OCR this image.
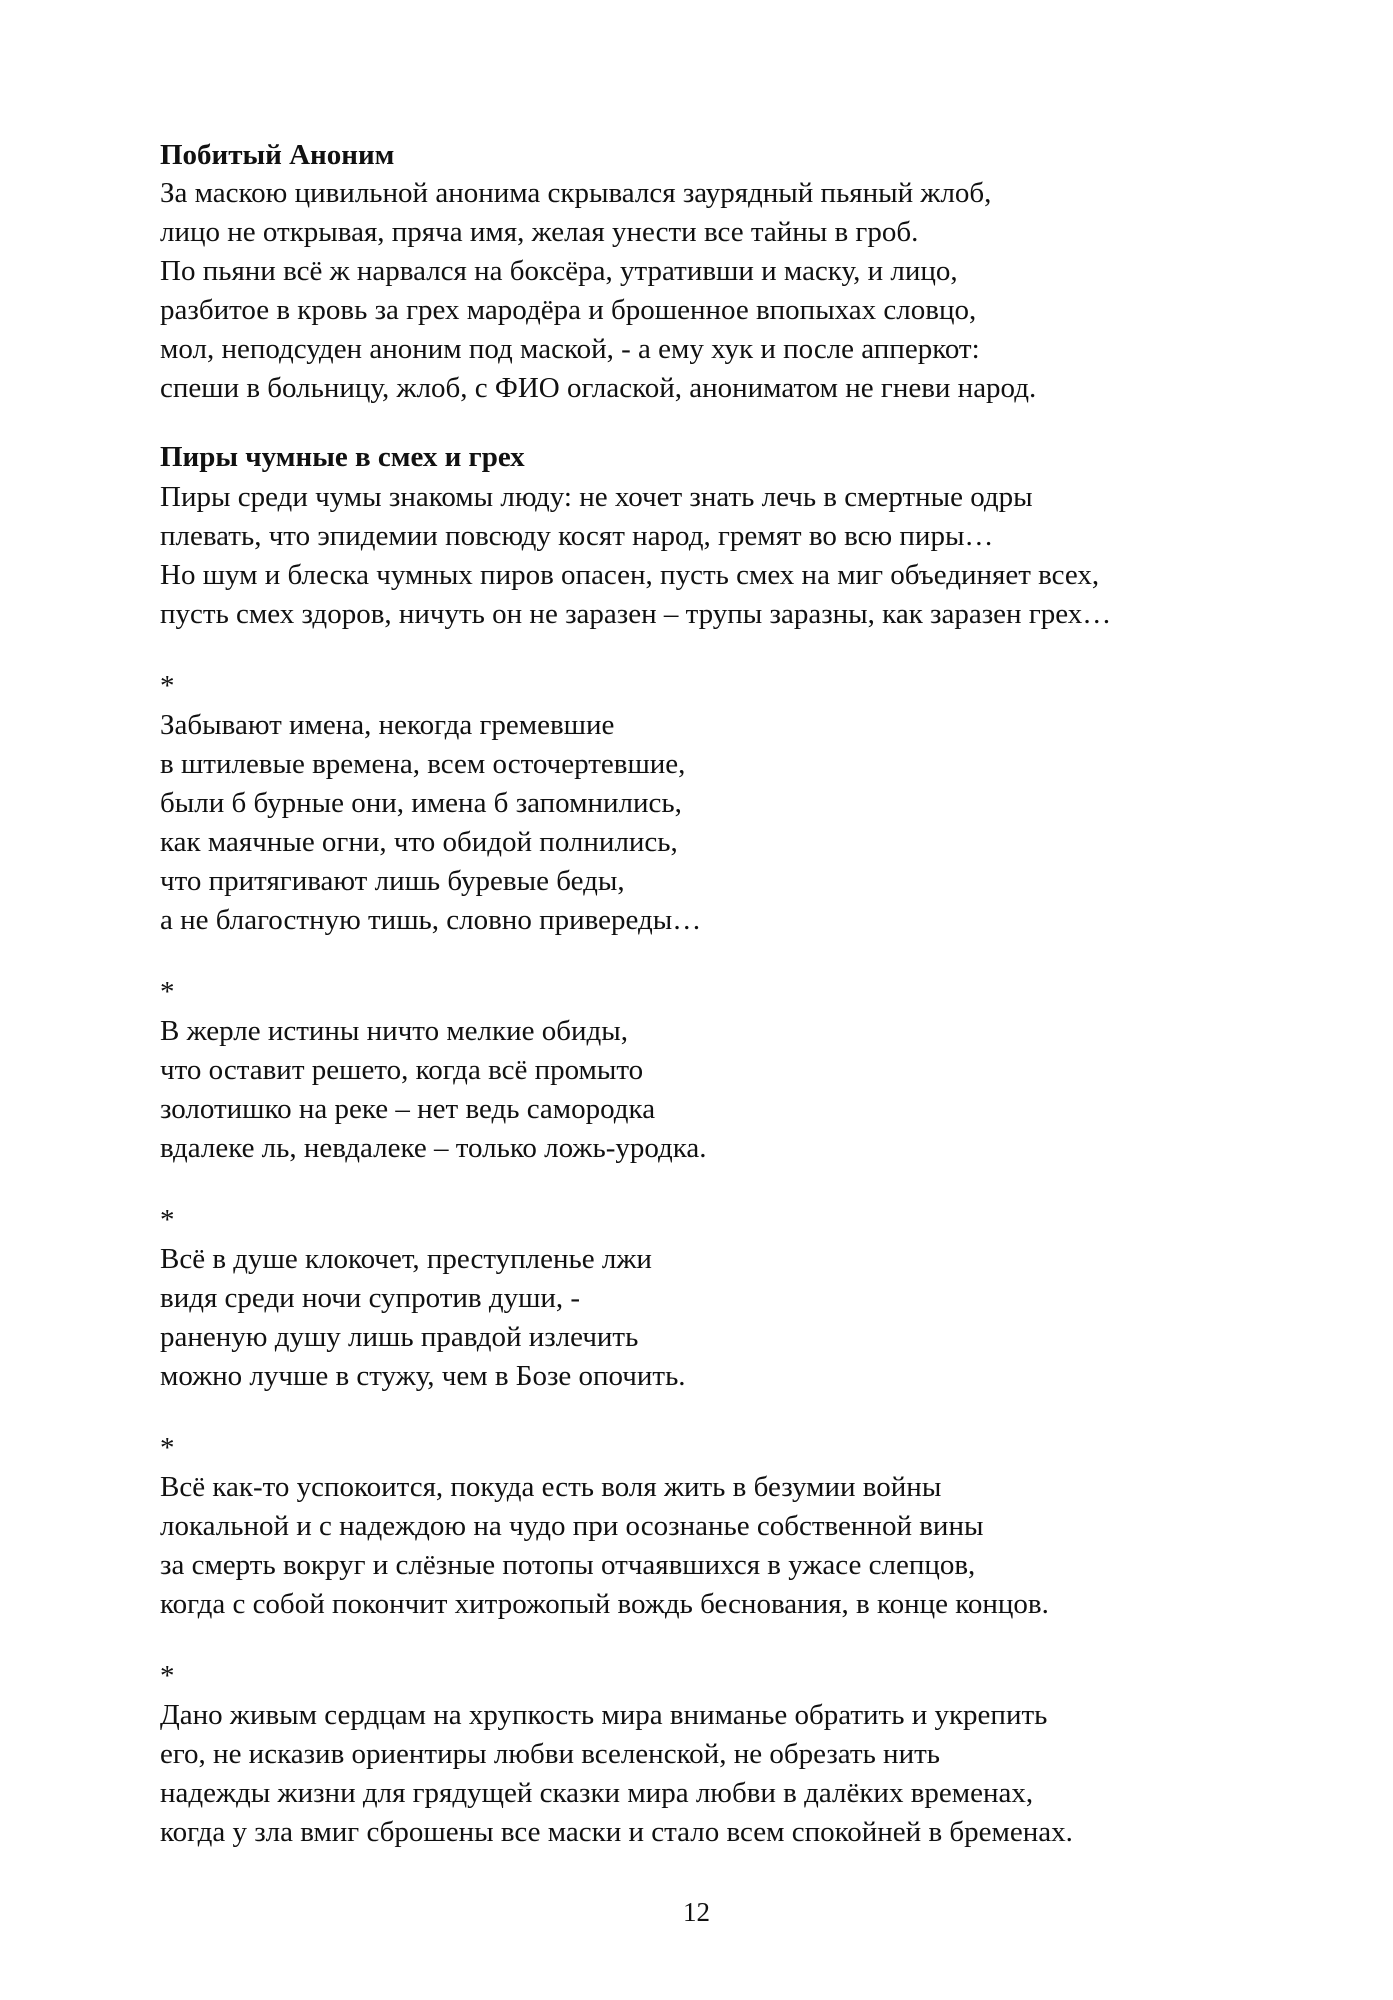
Побитый Аноним

За маскою цивильной анонима скрывался заурядный пьяный жлоб,

лицо не открывая, пряча имя, желая унести все тайны в гроб.

По пьяни всё ж нарвался на боксёра, утративши и маску, и лицо,

разбитое в кровь за грех мародёра и брошенное впопыхах словцо,

мол, неподсуден аноним под маской, - а ему хук и после апперкот:

спеши в больницу, жлоб, с ФИО оглаской, анониматом не гневи народ.

Пиры чумные в смех и грех

Пиры среди чумы знакомы люду: не хочет знать лечь в смертные одры

плевать, что эпидемии повсюду косят народ, гремят во всю пиры…

Но шум и блеска чумных пиров опасен, пусть смех на миг объединяет всех,

пусть смех здоров, ничуть он не заразен – трупы заразны, как заразен грех…

*

Забывают имена, некогда гремевшие

в штилевые времена, всем осточертевшие,

были б бурные они, имена б запомнились,

как маячные огни, что обидой полнились,

что притягивают лишь буревые беды,

а не благостную тишь, словно привереды…

*

В жерле истины ничто мелкие обиды,

что оставит решето, когда всё промыто

золотишко на реке – нет ведь самородка

вдалеке ль, невдалеке – только ложь-уродка.

*

Всё в душе клокочет, преступленье лжи

видя среди ночи супротив души, -

раненую душу лишь правдой излечить

можно лучше в стужу, чем в Бозе опочить.

*

Всё как-то успокоится, покуда есть воля жить в безумии войны

локальной и с надеждою на чудо при осознанье собственной вины

за смерть вокруг и слёзные потопы отчаявшихся в ужасе слепцов,

когда с собой покончит хитрожопый вождь беснования, в конце концов.

*

Дано живым сердцам на хрупкость мира вниманье обратить и укрепить

его, не исказив ориентиры любви вселенской, не обрезать нить

надежды жизни для грядущей сказки мира любви в далёких временах,

когда у зла вмиг сброшены все маски и стало всем спокойней в бременах.

12
